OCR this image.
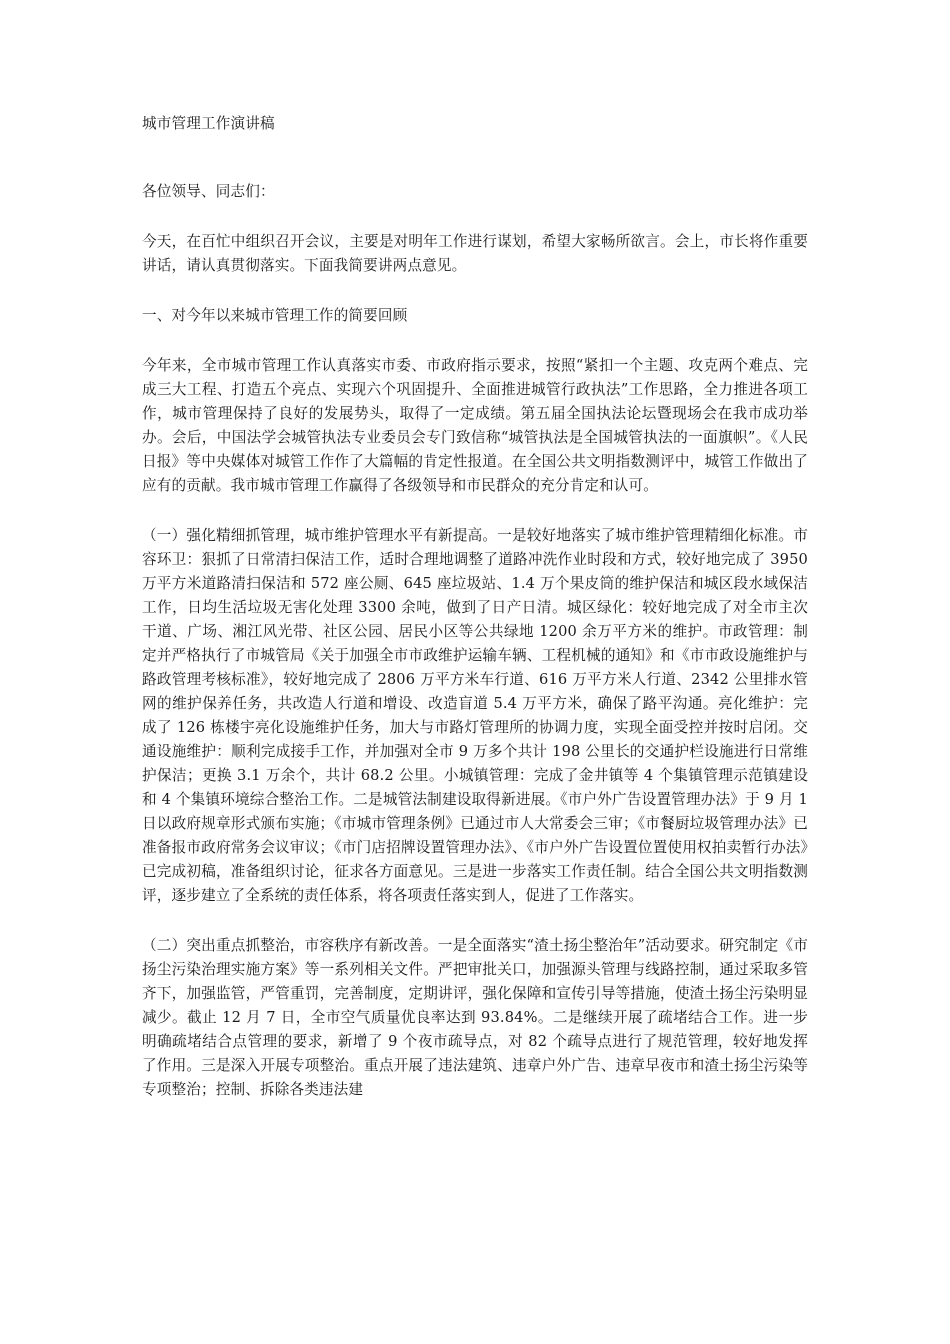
城市管理工作演讲稿

各位领导、同志们：

今天，在百忙中组织召开会议，主要是对明年工作进行谋划，希望大家畅所欲言。会上，市长将作重要讲话，请认真贯彻落实。下面我简要讲两点意见。

一、对今年以来城市管理工作的简要回顾

今年来，全市城市管理工作认真落实市委、市政府指示要求，按照“紧扣一个主题、攻克两个难点、完成三大工程、打造五个亮点、实现六个巩固提升、全面推进城管行政执法”工作思路，全力推进各项工作，城市管理保持了良好的发展势头，取得了一定成绩。第五届全国执法论坛暨现场会在我市成功举办。会后，中国法学会城管执法专业委员会专门致信称“城管执法是全国城管执法的一面旗帜”。《人民日报》等中央媒体对城管工作作了大篇幅的肯定性报道。在全国公共文明指数测评中，城管工作做出了应有的贡献。我市城市管理工作赢得了各级领导和市民群众的充分肯定和认可。

（一）强化精细抓管理，城市维护管理水平有新提高。一是较好地落实了城市维护管理精细化标准。市容环卫：狠抓了日常清扫保洁工作，适时合理地调整了道路冲洗作业时段和方式，较好地完成了 3950 万平方米道路清扫保洁和 572 座公厕、645 座垃圾站、1.4 万个果皮筒的维护保洁和城区段水域保洁工作，日均生活垃圾无害化处理 3300 余吨，做到了日产日清。城区绿化：较好地完成了对全市主次干道、广场、湘江风光带、社区公园、居民小区等公共绿地 1200 余万平方米的维护。市政管理：制定并严格执行了市城管局《关于加强全市市政维护运输车辆、工程机械的通知》和《市市政设施维护与路政管理考核标准》，较好地完成了 2806 万平方米车行道、616 万平方米人行道、2342 公里排水管网的维护保养任务，共改造人行道和增设、改造盲道 5.4 万平方米，确保了路平沟通。亮化维护：完成了 126 栋楼宇亮化设施维护任务，加大与市路灯管理所的协调力度，实现全面受控并按时启闭。交通设施维护：顺利完成接手工作，并加强对全市 9 万多个共计 198 公里长的交通护栏设施进行日常维护保洁；更换 3.1 万余个，共计 68.2 公里。小城镇管理：完成了金井镇等 4 个集镇管理示范镇建设和 4 个集镇环境综合整治工作。二是城管法制建设取得新进展。《市户外广告设置管理办法》于 9 月 1 日以政府规章形式颁布实施；《市城市管理条例》已通过市人大常委会三审；《市餐厨垃圾管理办法》已准备报市政府常务会议审议；《市门店招牌设置管理办法》、《市户外广告设置位置使用权拍卖暂行办法》已完成初稿，准备组织讨论，征求各方面意见。三是进一步落实工作责任制。结合全国公共文明指数测评，逐步建立了全系统的责任体系，将各项责任落实到人，促进了工作落实。

（二）突出重点抓整治，市容秩序有新改善。一是全面落实“渣土扬尘整治年”活动要求。研究制定《市扬尘污染治理实施方案》等一系列相关文件。严把审批关口，加强源头管理与线路控制，通过采取多管齐下，加强监管，严管重罚，完善制度，定期讲评，强化保障和宣传引导等措施，使渣土扬尘污染明显减少。截止 12 月 7 日，全市空气质量优良率达到 93.84%。二是继续开展了疏堵结合工作。进一步明确疏堵结合点管理的要求，新增了 9 个夜市疏导点，对 82 个疏导点进行了规范管理，较好地发挥了作用。三是深入开展专项整治。重点开展了违法建筑、违章户外广告、违章早夜市和渣土扬尘污染等专项整治；控制、拆除各类违法建
